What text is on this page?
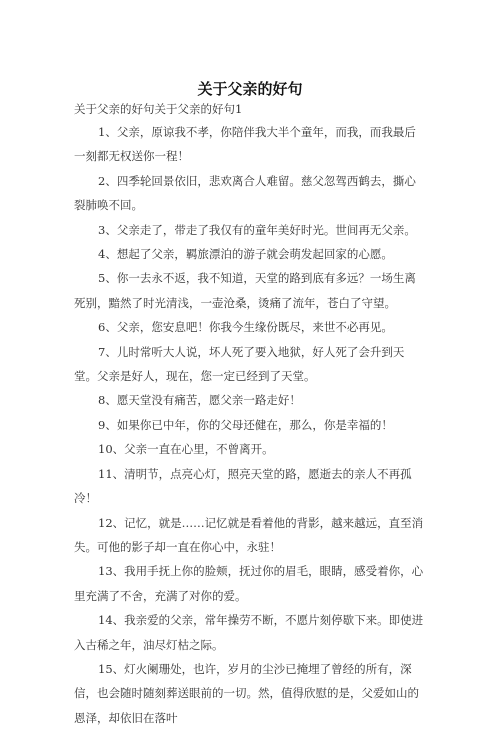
关于父亲的好句
关于父亲的好句关于父亲的好句1

1、父亲，原谅我不孝，你陪伴我大半个童年，而我，而我最后一刻都无权送你一程！

2、四季轮回景依旧，悲欢离合人难留。慈父忽驾西鹤去，撕心裂肺唤不回。

3、父亲走了，带走了我仅有的童年美好时光。世间再无父亲。

4、想起了父亲，羁旅漂泊的游子就会萌发起回家的心愿。

5、你一去永不返，我不知道，天堂的路到底有多远？一场生离死别，黯然了时光清浅，一壶沧桑，烫痛了流年，苍白了守望。

6、父亲，您安息吧！你我今生缘份既尽，来世不必再见。

7、儿时常听大人说，坏人死了要入地狱，好人死了会升到天堂。父亲是好人，现在，您一定已经到了天堂。

8、愿天堂没有痛苦，愿父亲一路走好！

9、如果你已中年，你的父母还健在，那么，你是幸福的！

10、父亲一直在心里，不曾离开。

11、清明节，点亮心灯，照亮天堂的路，愿逝去的亲人不再孤冷！

12、记忆，就是……记忆就是看着他的背影，越来越远，直至消失。可他的影子却一直在你心中，永驻！

13、我用手抚上你的脸颊，抚过你的眉毛，眼睛，感受着你，心里充满了不舍，充满了对你的爱。

14、我亲爱的父亲，常年操劳不断，不愿片刻停歇下来。即使进入古稀之年，油尽灯枯之际。

15、灯火阑珊处，也许，岁月的尘沙已掩埋了曾经的所有，深信，也会随时随刻葬送眼前的一切。然，值得欣慰的是，父爱如山的恩泽，却依旧在落叶
